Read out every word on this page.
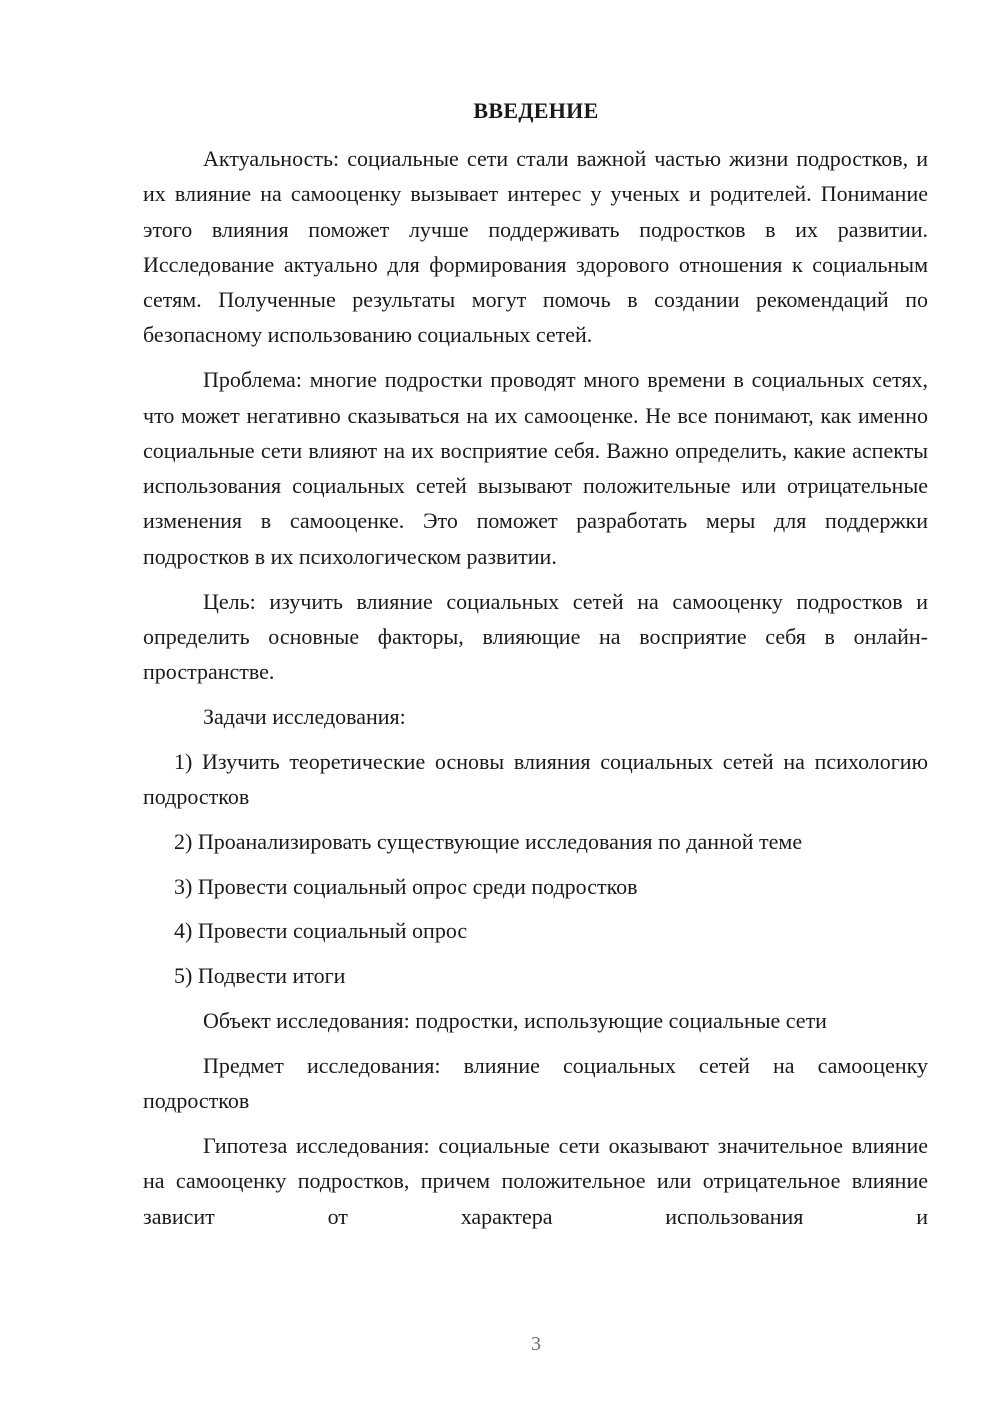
ВВЕДЕНИЕ

Актуальность: социальные сети стали важной частью жизни подростков, и их влияние на самооценку вызывает интерес у ученых и родителей. Понимание этого влияния поможет лучше поддерживать подростков в их развитии. Исследование актуально для формирования здорового отношения к социальным сетям. Полученные результаты могут помочь в создании рекомендаций по безопасному использованию социальных сетей.

Проблема: многие подростки проводят много времени в социальных сетях, что может негативно сказываться на их самооценке. Не все понимают, как именно социальные сети влияют на их восприятие себя. Важно определить, какие аспекты использования социальных сетей вызывают положительные или отрицательные изменения в самооценке. Это поможет разработать меры для поддержки подростков в их психологическом развитии.

Цель: изучить влияние социальных сетей на самооценку подростков и определить основные факторы, влияющие на восприятие себя в онлайн-пространстве.

Задачи исследования:

1) Изучить теоретические основы влияния социальных сетей на психологию подростков

2) Проанализировать существующие исследования по данной теме

3) Провести социальный опрос среди подростков

4) Провести социальный опрос

5) Подвести итоги

Объект исследования: подростки, использующие социальные сети

Предмет исследования: влияние социальных сетей на самооценку подростков

Гипотеза исследования: социальные сети оказывают значительное влияние на самооценку подростков, причем положительное или отрицательное влияние зависит от характера использования и

3
